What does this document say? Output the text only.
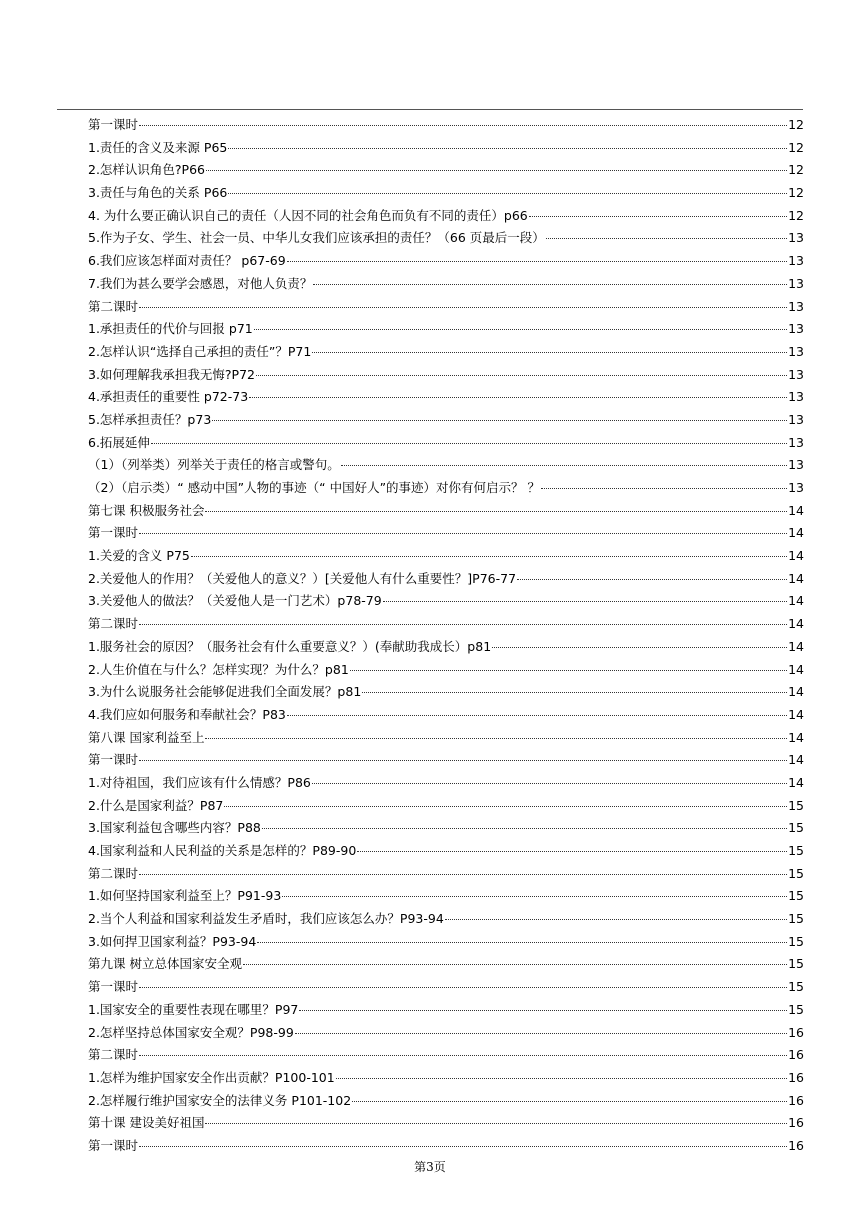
第一课时	12
1.责任的含义及来源 P65	12
2.怎样认识角色?P66	12
3.责任与角色的关系 P66	12
4. 为什么要正确认识自己的责任（人因不同的社会角色而负有不同的责任）p66	12
5.作为子女、学生、社会一员、中华儿女我们应该承担的责任？（66 页最后一段）	13
6.我们应该怎样面对责任？ p67-69	13
7.我们为甚么要学会感恩，对他人负责？	13
第二课时	13
1.承担责任的代价与回报 p71	13
2.怎样认识“选择自己承担的责任”？P71	13
3.如何理解我承担我无悔?P72	13
4.承担责任的重要性 p72-73	13
5.怎样承担责任？p73	13
6.拓展延伸	13
（1）（列举类）列举关于责任的格言或警句。	13
（2）（启示类）“ 感动中国”人物的事迹（“ 中国好人”的事迹）对你有何启示？ ？	13
第七课 积极服务社会	14
第一课时	14
1.关爱的含义 P75	14
2.关爱他人的作用？（关爱他人的意义？）[关爱他人有什么重要性？]P76-77	14
3.关爱他人的做法？（关爱他人是一门艺术）p78-79	14
第二课时	14
1.服务社会的原因？（服务社会有什么重要意义？）(奉献助我成长）p81	14
2.人生价值在与什么？怎样实现？为什么？p81	14
3.为什么说服务社会能够促进我们全面发展？p81	14
4.我们应如何服务和奉献社会？P83	14
第八课 国家利益至上	14
第一课时	14
1.对待祖国，我们应该有什么情感？P86	14
2.什么是国家利益？P87	15
3.国家利益包含哪些内容？P88	15
4.国家利益和人民利益的关系是怎样的？P89-90	15
第二课时	15
1.如何坚持国家利益至上？P91-93	15
2.当个人利益和国家利益发生矛盾时，我们应该怎么办？P93-94	15
3.如何捍卫国家利益？P93-94	15
第九课 树立总体国家安全观	15
第一课时	15
1.国家安全的重要性表现在哪里？P97	15
2.怎样坚持总体国家安全观？P98-99	16
第二课时	16
1.怎样为维护国家安全作出贡献？P100-101	16
2.怎样履行维护国家安全的法律义务 P101-102	16
第十课 建设美好祖国	16
第一课时	16
第3页
